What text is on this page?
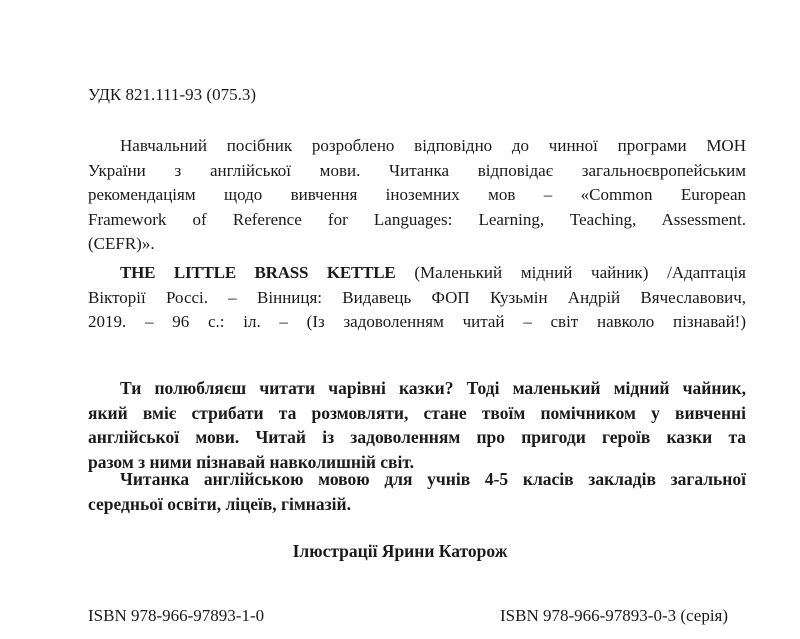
УДК 821.111-93 (075.3)
Навчальний посібник розроблено відповідно до чинної програми МОН
України з англійської мови. Читанка відповідає загальноєвропейським
рекомендаціям щодо вивчення іноземних мов – «Common European
Framework of Reference for Languages: Learning, Teaching, Assessment.
(CEFR)».
THE LITTLE BRASS KETTLE (Маленький мідний чайник) /Адаптація
Вікторії Россі. – Вінниця: Видавець ФОП Кузьмін Андрій Вячеславович,
2019. – 96 с.: іл. – (Із задоволенням читай – світ навколо пізнавай!)
Ти полюбляєш читати чарівні казки? Тоді маленький мідний чайник,
який вміє стрибати та розмовляти, стане твоїм помічником у вивченні
англійської мови. Читай із задоволенням про пригоди героїв казки та
разом з ними пізнавай навколишній світ.
Читанка англійською мовою для учнів 4-5 класів закладів загальної
середньої освіти, ліцеїв, гімназій.
Ілюстрації Ярини Каторож
ISBN 978-966-97893-1-0	ISBN 978-966-97893-0-3 (серія)
